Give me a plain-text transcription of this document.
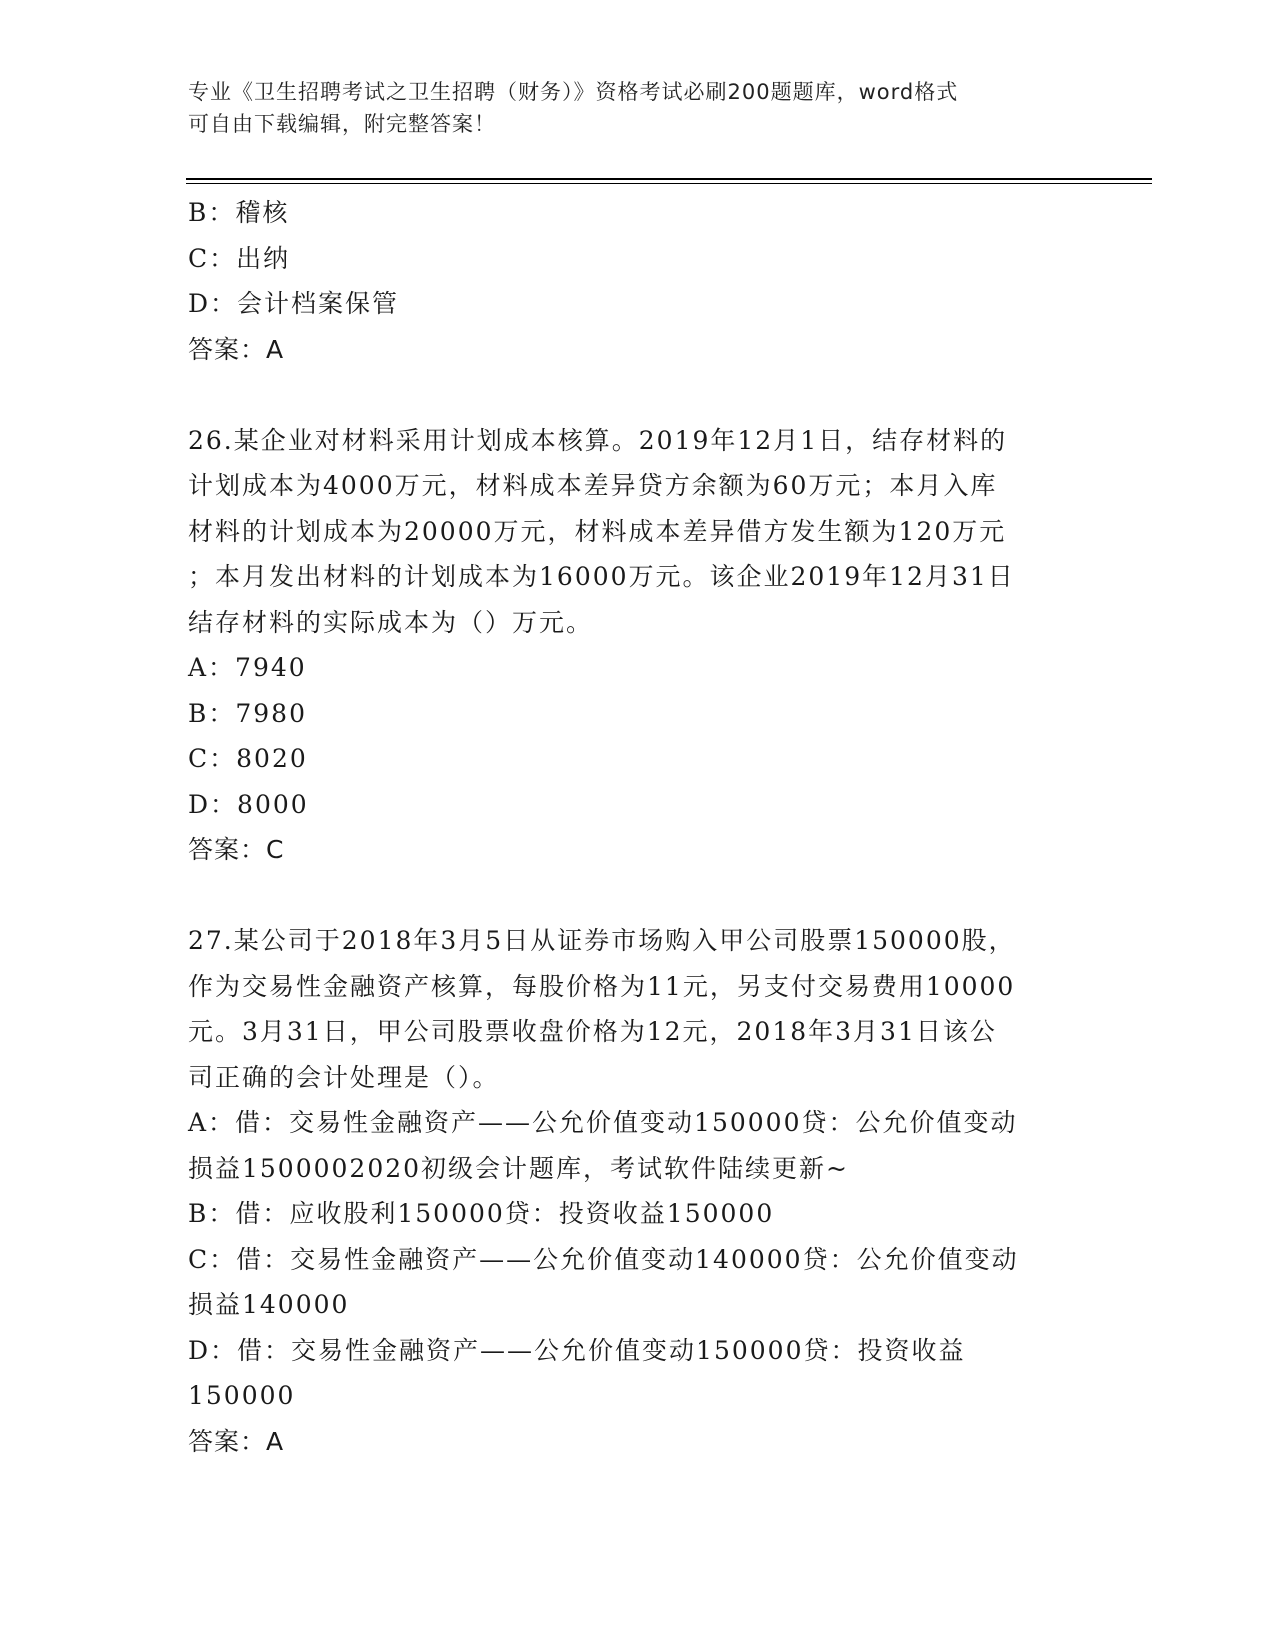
专业《卫生招聘考试之卫生招聘（财务）》资格考试必刷200题题库，word格式
可自由下载编辑，附完整答案！
B：稽核
C：出纳
D：会计档案保管
答案：A
26.某企业对材料采用计划成本核算。2019年12月1日，结存材料的
计划成本为4000万元，材料成本差异贷方余额为60万元；本月入库
材料的计划成本为20000万元，材料成本差异借方发生额为120万元
；本月发出材料的计划成本为16000万元。该企业2019年12月31日
结存材料的实际成本为（）万元。
A：7940
B：7980
C：8020
D：8000
答案：C
27.某公司于2018年3月5日从证券市场购入甲公司股票150000股，
作为交易性金融资产核算，每股价格为11元，另支付交易费用10000
元。3月31日，甲公司股票收盘价格为12元，2018年3月31日该公
司正确的会计处理是（）。
A：借：交易性金融资产——公允价值变动150000贷：公允价值变动
损益1500002020初级会计题库，考试软件陆续更新~
B：借：应收股利150000贷：投资收益150000
C：借：交易性金融资产——公允价值变动140000贷：公允价值变动
损益140000
D：借：交易性金融资产——公允价值变动150000贷：投资收益
150000
答案：A
